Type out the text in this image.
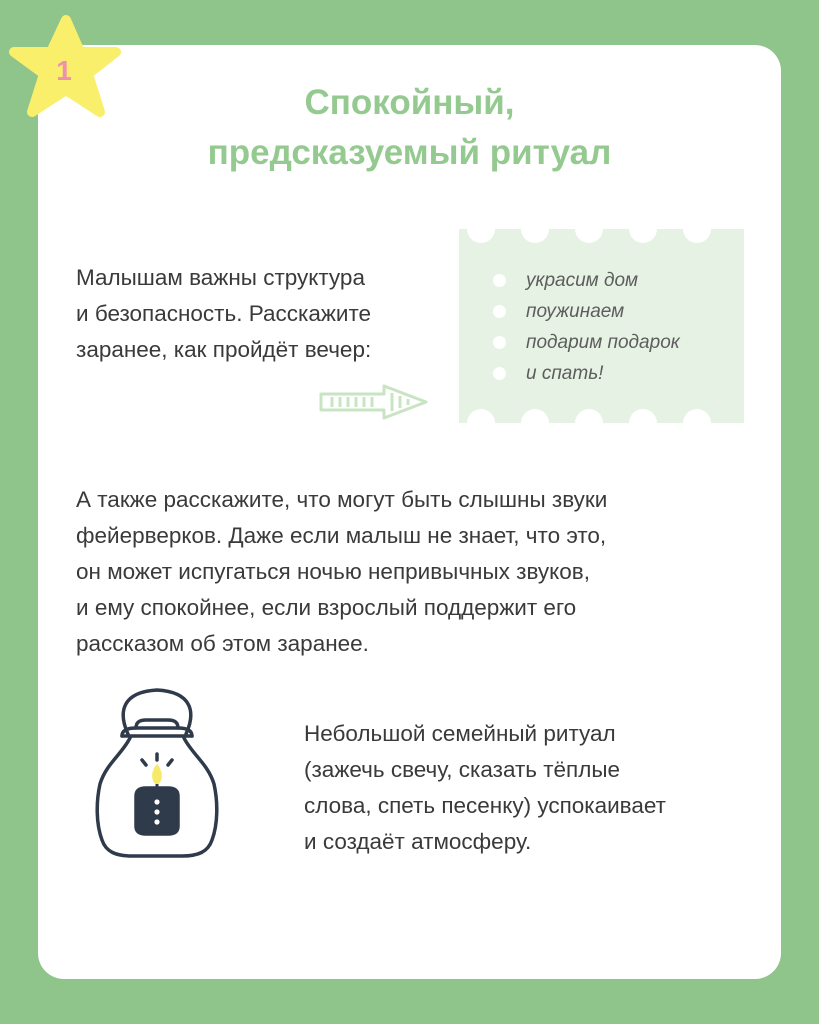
1
Спокойный,
предсказуемый ритуал

Малышам важны структура
и безопасность. Расскажите
заранее, как пройдёт вечер:

украсим дом
поужинаем
подарим подарок
и спать!

А также расскажите, что могут быть слышны звуки
фейерверков. Даже если малыш не знает, что это,
он может испугаться ночью непривычных звуков,
и ему спокойнее, если взрослый поддержит его
рассказом об этом заранее.

Небольшой семейный ритуал
(зажечь свечу, сказать тёплые
слова, спеть песенку) успокаивает
и создаёт атмосферу.
